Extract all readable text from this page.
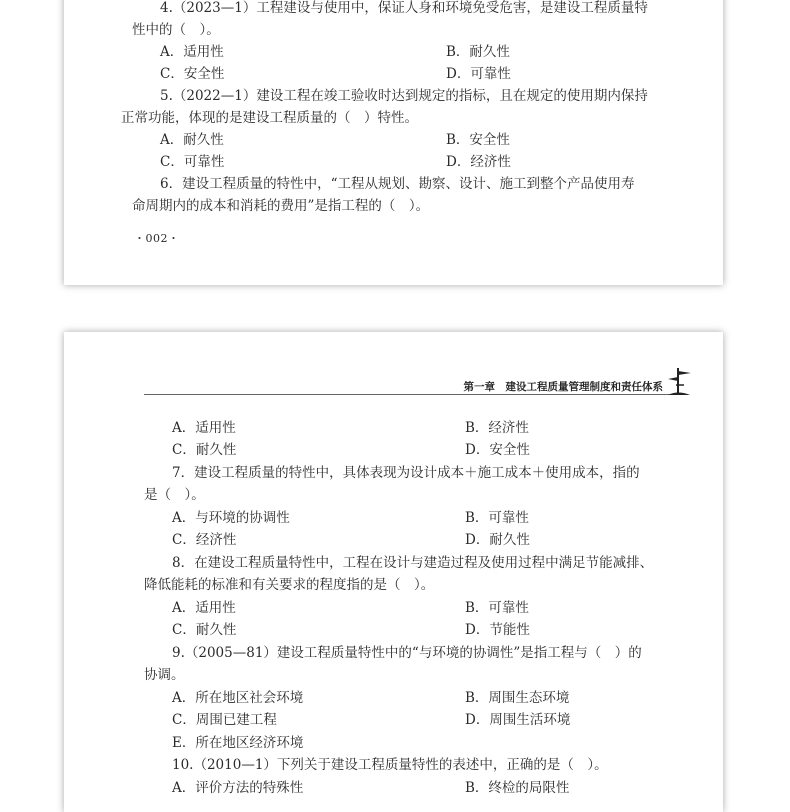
4.（2023—1）工程建设与使用中，保证人身和环境免受危害，是建设工程质量特
性中的（　）。
A．适用性	B．耐久性
C．安全性	D．可靠性
5.（2022—1）建设工程在竣工验收时达到规定的指标，且在规定的使用期内保持
正常功能，体现的是建设工程质量的（　）特性。
A．耐久性	B．安全性
C．可靠性	D．经济性
6．建设工程质量的特性中，“工程从规划、勘察、设计、施工到整个产品使用寿
命周期内的成本和消耗的费用”是指工程的（　）。
・002・
第一章　建设工程质量管理制度和责任体系
A．适用性	B．经济性
C．耐久性	D．安全性
7．建设工程质量的特性中，具体表现为设计成本＋施工成本＋使用成本，指的
是（　）。
A．与环境的协调性	B．可靠性
C．经济性	D．耐久性
8．在建设工程质量特性中，工程在设计与建造过程及使用过程中满足节能减排、
降低能耗的标准和有关要求的程度指的是（　）。
A．适用性	B．可靠性
C．耐久性	D．节能性
9.（2005—81）建设工程质量特性中的“与环境的协调性”是指工程与（　）的
协调。
A．所在地区社会环境	B．周围生态环境
C．周围已建工程	D．周围生活环境
E．所在地区经济环境
10.（2010—1）下列关于建设工程质量特性的表述中，正确的是（　）。
A．评价方法的特殊性	B．终检的局限性
